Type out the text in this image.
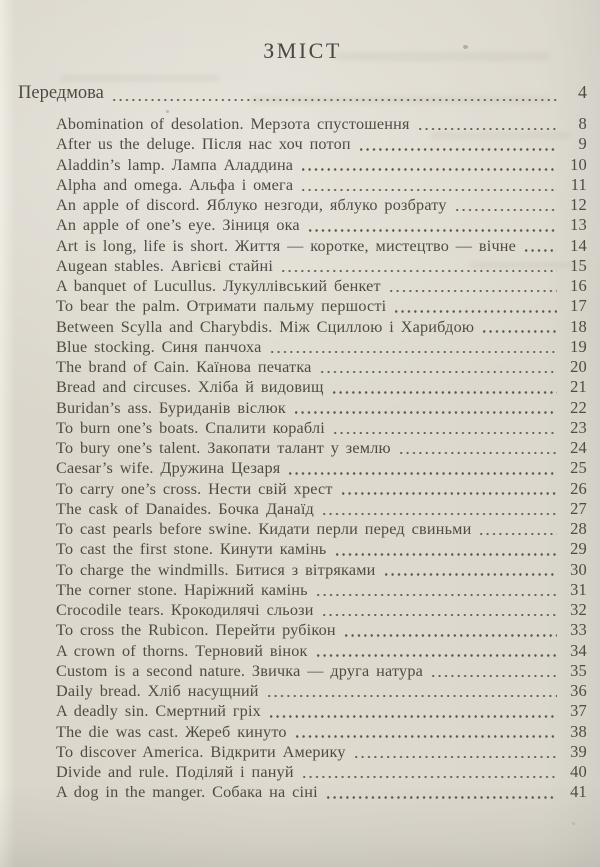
ЗМІСТ
Передмова	4
Abomination of desolation. Мерзота спустошення	8
After us the deluge. Після нас хоч потоп	9
Aladdin’s lamp. Лампа Аладдина	10
Alpha and omega. Альфа і омега	11
An apple of discord. Яблуко незгоди, яблуко розбрату	12
An apple of one’s eye. Зіниця ока	13
Art is long, life is short. Життя — коротке, мистецтво — вічне	14
Augean stables. Авгієві стайні	15
A banquet of Lucullus. Лукуллівський бенкет	16
To bear the palm. Отримати пальму першості	17
Between Scylla and Charybdis. Між Сциллою і Харибдою	18
Blue stocking. Синя панчоха	19
The brand of Cain. Каїнова печатка	20
Bread and circuses. Хліба й видовищ	21
Buridan’s ass. Буриданів віслюк	22
To burn one’s boats. Спалити кораблі	23
To bury one’s talent. Закопати талант у землю	24
Caesar’s wife. Дружина Цезаря	25
To carry one’s cross. Нести свій хрест	26
The cask of Danaides. Бочка Данаїд	27
To cast pearls before swine. Кидати перли перед свиньми	28
To cast the first stone. Кинути камінь	29
To charge the windmills. Битися з вітряками	30
The corner stone. Наріжний камінь	31
Crocodile tears. Крокодилячі сльози	32
To cross the Rubicon. Перейти рубікон	33
A crown of thorns. Терновий вінок	34
Custom is a second nature. Звичка — друга натура	35
Daily bread. Хліб насущний	36
A deadly sin. Смертний гріх	37
The die was cast. Жереб кинуто	38
To discover America. Відкрити Америку	39
Divide and rule. Поділяй і пануй	40
A dog in the manger. Собака на сіні	41
